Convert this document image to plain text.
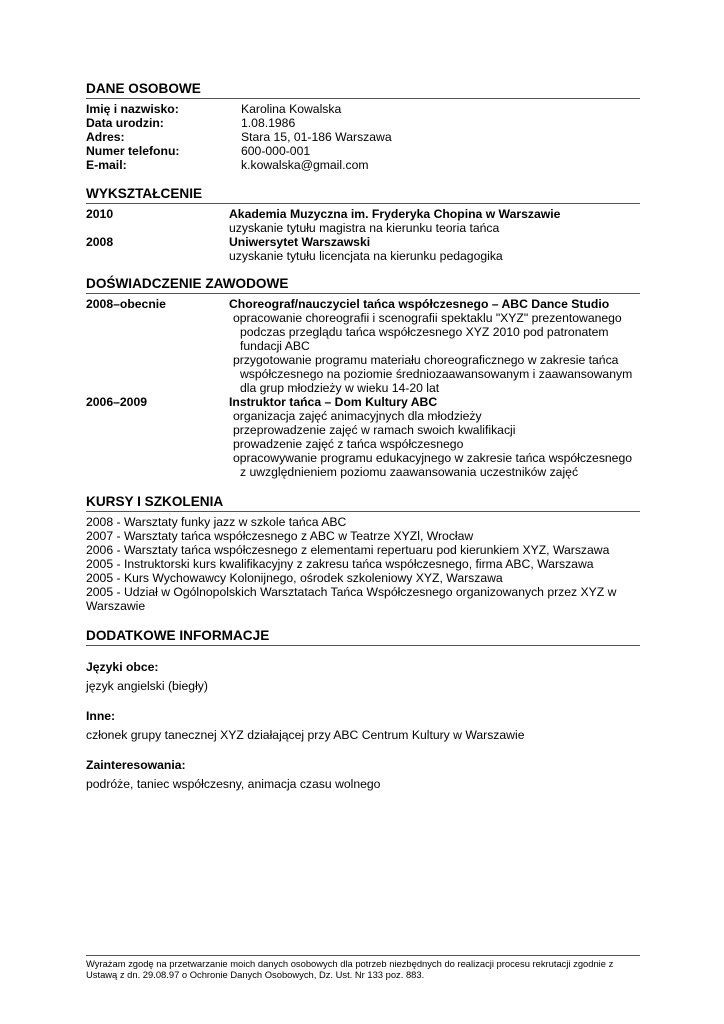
DANE OSOBOWE
Imię i nazwisko:	Karolina Kowalska
Data urodzin:	1.08.1986
Adres:	Stara 15, 01-186 Warszawa
Numer telefonu:	600-000-001
E-mail:	k.kowalska@gmail.com
WYKSZTAŁCENIE
2010	Akademia Muzyczna im. Fryderyka Chopina w Warszawie
uzyskanie tytułu magistra na kierunku teoria tańca
2008	Uniwersytet Warszawski
uzyskanie tytułu licencjata na kierunku pedagogika
DOŚWIADCZENIE ZAWODOWE
2008–obecnie	Choreograf/nauczyciel tańca współczesnego – ABC Dance Studio
opracowanie choreografii i scenografii spektaklu "XYZ" prezentowanego
podczas przeglądu tańca współczesnego XYZ 2010 pod patronatem fundacji ABC
przygotowanie programu materiału choreograficznego w zakresie tańca
współczesnego na poziomie średniozaawansowanym i zaawansowanym dla grup młodzieży w wieku 14-20 lat
2006–2009	Instruktor tańca – Dom Kultury ABC
organizacja zajęć animacyjnych dla młodzieży
przeprowadzenie zajęć w ramach swoich kwalifikacji
prowadzenie zajęć z tańca współczesnego
opracowywanie programu edukacyjnego w zakresie tańca współczesnego
z uwzględnieniem poziomu zaawansowania uczestników zajęć
KURSY I SZKOLENIA
2008 - Warsztaty funky jazz w szkole tańca ABC
2007 - Warsztaty tańca współczesnego z ABC w Teatrze XYZl, Wrocław
2006 - Warsztaty tańca współczesnego z elementami repertuaru pod kierunkiem XYZ, Warszawa
2005 - Instruktorski kurs kwalifikacyjny z zakresu tańca współczesnego, firma ABC, Warszawa
2005 - Kurs Wychowawcy Kolonijnego, ośrodek szkoleniowy XYZ, Warszawa
2005 - Udział w Ogólnopolskich Warsztatach Tańca Współczesnego organizowanych przez XYZ w Warszawie
DODATKOWE INFORMACJE
Języki obce:
język angielski (biegły)
Inne:
członek grupy tanecznej XYZ działającej przy ABC Centrum Kultury w Warszawie
Zainteresowania:
podróże, taniec współczesny, animacja czasu wolnego
Wyrażam zgodę na przetwarzanie moich danych osobowych dla potrzeb niezbędnych do realizacji procesu rekrutacji zgodnie z Ustawą z dn. 29.08.97 o Ochronie Danych Osobowych, Dz. Ust. Nr 133 poz. 883.
